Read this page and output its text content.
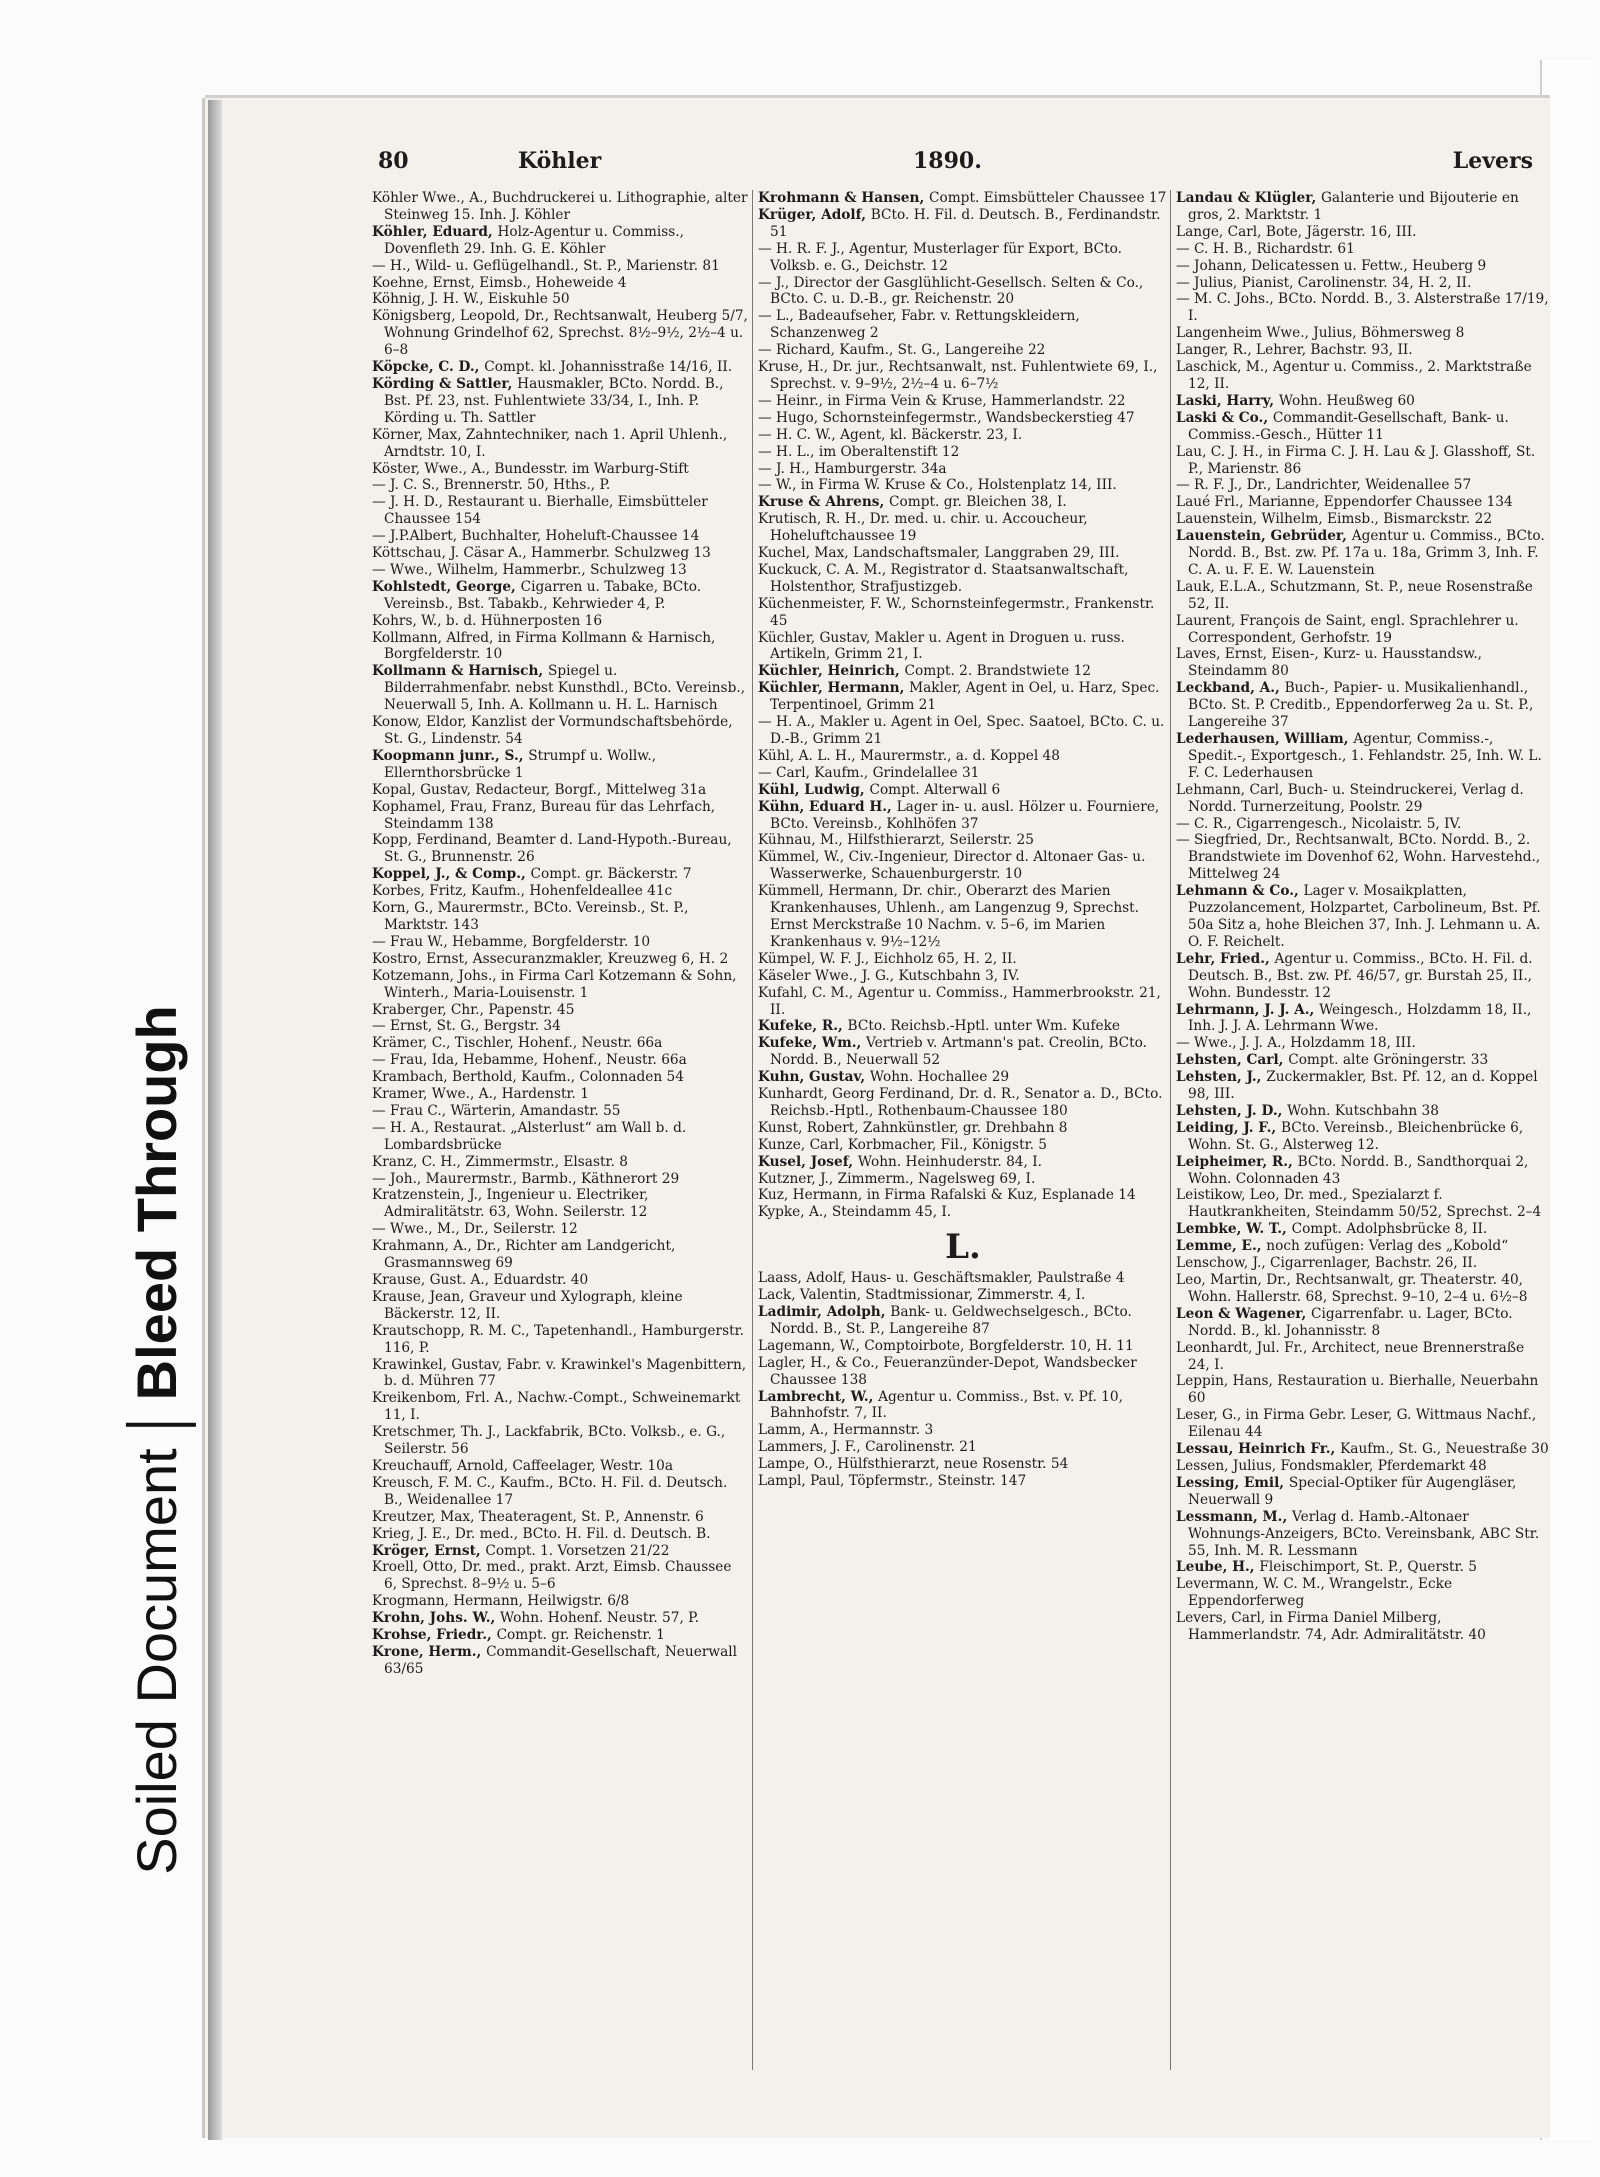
Soiled DocumentBleed Through
80	Köhler	1890.	Levers

Köhler Wwe., A., Buchdruckerei u. Lithographie, alter Steinweg 15. Inh. J. Köhler

Köhler, Eduard, Holz-Agentur u. Commiss., Dovenfleth 29. Inh. G. E. Köhler

— H., Wild- u. Geflügelhandl., St. P., Marienstr. 81

Koehne, Ernst, Eimsb., Hoheweide 4

Köhnig, J. H. W., Eiskuhle 50

Königsberg, Leopold, Dr., Rechtsanwalt, Heuberg 5/7, Wohnung Grindelhof 62, Sprechst. 8½–9½, 2½–4 u. 6–8

Köpcke, C. D., Compt. kl. Johannisstraße 14/16, II.

Körding & Sattler, Hausmakler, BCto. Nordd. B., Bst. Pf. 23, nst. Fuhlentwiete 33/34, I., Inh. P. Körding u. Th. Sattler

Körner, Max, Zahntechniker, nach 1. April Uhlenh., Arndtstr. 10, I.

Köster, Wwe., A., Bundesstr. im Warburg-Stift

— J. C. S., Brennerstr. 50, Hths., P.

— J. H. D., Restaurant u. Bierhalle, Eimsbütteler Chaussee 154

— J.P.Albert, Buchhalter, Hoheluft-Chaussee 14

Köttschau, J. Cäsar A., Hammerbr. Schulzweg 13

— Wwe., Wilhelm, Hammerbr., Schulzweg 13

Kohlstedt, George, Cigarren u. Tabake, BCto. Vereinsb., Bst. Tabakb., Kehrwieder 4, P.

Kohrs, W., b. d. Hühnerposten 16

Kollmann, Alfred, in Firma Kollmann & Harnisch, Borgfelderstr. 10

Kollmann & Harnisch, Spiegel u. Bilderrahmenfabr. nebst Kunsthdl., BCto. Vereinsb., Neuerwall 5, Inh. A. Kollmann u. H. L. Harnisch

Konow, Eldor, Kanzlist der Vormundschaftsbehörde, St. G., Lindenstr. 54

Koopmann junr., S., Strumpf u. Wollw., Ellernthorsbrücke 1

Kopal, Gustav, Redacteur, Borgf., Mittelweg 31a

Kophamel, Frau, Franz, Bureau für das Lehrfach, Steindamm 138

Kopp, Ferdinand, Beamter d. Land-Hypoth.-Bureau, St. G., Brunnenstr. 26

Koppel, J., & Comp., Compt. gr. Bäckerstr. 7

Korbes, Fritz, Kaufm., Hohenfeldeallee 41c

Korn, G., Maurermstr., BCto. Vereinsb., St. P., Marktstr. 143

— Frau W., Hebamme, Borgfelderstr. 10

Kostro, Ernst, Assecuranzmakler, Kreuzweg 6, H. 2

Kotzemann, Johs., in Firma Carl Kotzemann & Sohn, Winterh., Maria-Louisenstr. 1

Kraberger, Chr., Papenstr. 45

— Ernst, St. G., Bergstr. 34

Krämer, C., Tischler, Hohenf., Neustr. 66a

— Frau, Ida, Hebamme, Hohenf., Neustr. 66a

Krambach, Berthold, Kaufm., Colonnaden 54

Kramer, Wwe., A., Hardenstr. 1

— Frau C., Wärterin, Amandastr. 55

— H. A., Restaurat. „Alsterlust“ am Wall b. d. Lombardsbrücke

Kranz, C. H., Zimmermstr., Elsastr. 8

— Joh., Maurermstr., Barmb., Käthnerort 29

Kratzenstein, J., Ingenieur u. Electriker, Admiralitätstr. 63, Wohn. Seilerstr. 12

— Wwe., M., Dr., Seilerstr. 12

Krahmann, A., Dr., Richter am Landgericht, Grasmannsweg 69

Krause, Gust. A., Eduardstr. 40

Krause, Jean, Graveur und Xylograph, kleine Bäckerstr. 12, II.

Krautschopp, R. M. C., Tapetenhandl., Hamburgerstr. 116, P.

Krawinkel, Gustav, Fabr. v. Krawinkel's Magenbittern, b. d. Mühren 77

Kreikenbom, Frl. A., Nachw.-Compt., Schweinemarkt 11, I.

Kretschmer, Th. J., Lackfabrik, BCto. Volksb., e. G., Seilerstr. 56

Kreuchauff, Arnold, Caffeelager, Westr. 10a

Kreusch, F. M. C., Kaufm., BCto. H. Fil. d. Deutsch. B., Weidenallee 17

Kreutzer, Max, Theateragent, St. P., Annenstr. 6

Krieg, J. E., Dr. med., BCto. H. Fil. d. Deutsch. B.

Kröger, Ernst, Compt. 1. Vorsetzen 21/22

Kroell, Otto, Dr. med., prakt. Arzt, Eimsb. Chaussee 6, Sprechst. 8–9½ u. 5–6

Krogmann, Hermann, Heilwigstr. 6/8

Krohn, Johs. W., Wohn. Hohenf. Neustr. 57, P.

Krohse, Friedr., Compt. gr. Reichenstr. 1

Krone, Herm., Commandit-Gesellschaft, Neuerwall 63/65

Krohmann & Hansen, Compt. Eimsbütteler Chaussee 17

Krüger, Adolf, BCto. H. Fil. d. Deutsch. B., Ferdinandstr. 51

— H. R. F. J., Agentur, Musterlager für Export, BCto. Volksb. e. G., Deichstr. 12

— J., Director der Gasglühlicht-Gesellsch. Selten & Co., BCto. C. u. D.-B., gr. Reichenstr. 20

— L., Badeaufseher, Fabr. v. Rettungskleidern, Schanzenweg 2

— Richard, Kaufm., St. G., Langereihe 22

Kruse, H., Dr. jur., Rechtsanwalt, nst. Fuhlentwiete 69, I., Sprechst. v. 9–9½, 2½–4 u. 6–7½

— Heinr., in Firma Vein & Kruse, Hammerlandstr. 22

— Hugo, Schornsteinfegermstr., Wandsbeckerstieg 47

— H. C. W., Agent, kl. Bäckerstr. 23, I.

— H. L., im Oberaltenstift 12

— J. H., Hamburgerstr. 34a

— W., in Firma W. Kruse & Co., Holstenplatz 14, III.

Kruse & Ahrens, Compt. gr. Bleichen 38, I.

Krutisch, R. H., Dr. med. u. chir. u. Accoucheur, Hoheluftchaussee 19

Kuchel, Max, Landschaftsmaler, Langgraben 29, III.

Kuckuck, C. A. M., Registrator d. Staatsanwaltschaft, Holstenthor, Strafjustizgeb.

Küchenmeister, F. W., Schornsteinfegermstr., Frankenstr. 45

Küchler, Gustav, Makler u. Agent in Droguen u. russ. Artikeln, Grimm 21, I.

Küchler, Heinrich, Compt. 2. Brandstwiete 12

Küchler, Hermann, Makler, Agent in Oel, u. Harz, Spec. Terpentinoel, Grimm 21

— H. A., Makler u. Agent in Oel, Spec. Saatoel, BCto. C. u. D.-B., Grimm 21

Kühl, A. L. H., Maurermstr., a. d. Koppel 48

— Carl, Kaufm., Grindelallee 31

Kühl, Ludwig, Compt. Alterwall 6

Kühn, Eduard H., Lager in- u. ausl. Hölzer u. Fourniere, BCto. Vereinsb., Kohlhöfen 37

Kühnau, M., Hilfsthierarzt, Seilerstr. 25

Kümmel, W., Civ.-Ingenieur, Director d. Altonaer Gas- u. Wasserwerke, Schauenburgerstr. 10

Kümmell, Hermann, Dr. chir., Oberarzt des Marien Krankenhauses, Uhlenh., am Langenzug 9, Sprechst. Ernst Merckstraße 10 Nachm. v. 5–6, im Marien Krankenhaus v. 9½–12½

Kümpel, W. F. J., Eichholz 65, H. 2, II.

Käseler Wwe., J. G., Kutschbahn 3, IV.

Kufahl, C. M., Agentur u. Commiss., Hammerbrookstr. 21, II.

Kufeke, R., BCto. Reichsb.-Hptl. unter Wm. Kufeke

Kufeke, Wm., Vertrieb v. Artmann's pat. Creolin, BCto. Nordd. B., Neuerwall 52

Kuhn, Gustav, Wohn. Hochallee 29

Kunhardt, Georg Ferdinand, Dr. d. R., Senator a. D., BCto. Reichsb.-Hptl., Rothenbaum-Chaussee 180

Kunst, Robert, Zahnkünstler, gr. Drehbahn 8

Kunze, Carl, Korbmacher, Fil., Königstr. 5

Kusel, Josef, Wohn. Heinhuderstr. 84, I.

Kutzner, J., Zimmerm., Nagelsweg 69, I.

Kuz, Hermann, in Firma Rafalski & Kuz, Esplanade 14

Kypke, A., Steindamm 45, I.

L.

Laass, Adolf, Haus- u. Geschäftsmakler, Paulstraße 4

Lack, Valentin, Stadtmissionar, Zimmerstr. 4, I.

Ladimir, Adolph, Bank- u. Geldwechselgesch., BCto. Nordd. B., St. P., Langereihe 87

Lagemann, W., Comptoirbote, Borgfelderstr. 10, H. 11

Lagler, H., & Co., Feueranzünder-Depot, Wandsbecker Chaussee 138

Lambrecht, W., Agentur u. Commiss., Bst. v. Pf. 10, Bahnhofstr. 7, II.

Lamm, A., Hermannstr. 3

Lammers, J. F., Carolinenstr. 21

Lampe, O., Hülfsthierarzt, neue Rosenstr. 54

Lampl, Paul, Töpfermstr., Steinstr. 147

Landau & Klügler, Galanterie und Bijouterie en gros, 2. Marktstr. 1

Lange, Carl, Bote, Jägerstr. 16, III.

— C. H. B., Richardstr. 61

— Johann, Delicatessen u. Fettw., Heuberg 9

— Julius, Pianist, Carolinenstr. 34, H. 2, II.

— M. C. Johs., BCto. Nordd. B., 3. Alsterstraße 17/19, I.

Langenheim Wwe., Julius, Böhmersweg 8

Langer, R., Lehrer, Bachstr. 93, II.

Laschick, M., Agentur u. Commiss., 2. Marktstraße 12, II.

Laski, Harry, Wohn. Heußweg 60

Laski & Co., Commandit-Gesellschaft, Bank- u. Commiss.-Gesch., Hütter 11

Lau, C. J. H., in Firma C. J. H. Lau & J. Glasshoff, St. P., Marienstr. 86

— R. F. J., Dr., Landrichter, Weidenallee 57

Laué Frl., Marianne, Eppendorfer Chaussee 134

Lauenstein, Wilhelm, Eimsb., Bismarckstr. 22

Lauenstein, Gebrüder, Agentur u. Commiss., BCto. Nordd. B., Bst. zw. Pf. 17a u. 18a, Grimm 3, Inh. F. C. A. u. F. E. W. Lauenstein

Lauk, E.L.A., Schutzmann, St. P., neue Rosenstraße 52, II.

Laurent, François de Saint, engl. Sprachlehrer u. Correspondent, Gerhofstr. 19

Laves, Ernst, Eisen-, Kurz- u. Hausstandsw., Steindamm 80

Leckband, A., Buch-, Papier- u. Musikalienhandl., BCto. St. P. Creditb., Eppendorferweg 2a u. St. P., Langereihe 37

Lederhausen, William, Agentur, Commiss.-, Spedit.-, Exportgesch., 1. Fehlandstr. 25, Inh. W. L. F. C. Lederhausen

Lehmann, Carl, Buch- u. Steindruckerei, Verlag d. Nordd. Turnerzeitung, Poolstr. 29

— C. R., Cigarrengesch., Nicolaistr. 5, IV.

— Siegfried, Dr., Rechtsanwalt, BCto. Nordd. B., 2. Brandstwiete im Dovenhof 62, Wohn. Harvestehd., Mittelweg 24

Lehmann & Co., Lager v. Mosaikplatten, Puzzolancement, Holzpartet, Carbolineum, Bst. Pf. 50a Sitz a, hohe Bleichen 37, Inh. J. Lehmann u. A. O. F. Reichelt.

Lehr, Fried., Agentur u. Commiss., BCto. H. Fil. d. Deutsch. B., Bst. zw. Pf. 46/57, gr. Burstah 25, II., Wohn. Bundesstr. 12

Lehrmann, J. J. A., Weingesch., Holzdamm 18, II., Inh. J. J. A. Lehrmann Wwe.

— Wwe., J. J. A., Holzdamm 18, III.

Lehsten, Carl, Compt. alte Gröningerstr. 33

Lehsten, J., Zuckermakler, Bst. Pf. 12, an d. Koppel 98, III.

Lehsten, J. D., Wohn. Kutschbahn 38

Leiding, J. F., BCto. Vereinsb., Bleichenbrücke 6, Wohn. St. G., Alsterweg 12.

Leipheimer, R., BCto. Nordd. B., Sandthorquai 2, Wohn. Colonnaden 43

Leistikow, Leo, Dr. med., Spezialarzt f. Hautkrankheiten, Steindamm 50/52, Sprechst. 2–4

Lembke, W. T., Compt. Adolphsbrücke 8, II.

Lemme, E., noch zufügen: Verlag des „Kobold“

Lenschow, J., Cigarrenlager, Bachstr. 26, II.

Leo, Martin, Dr., Rechtsanwalt, gr. Theaterstr. 40, Wohn. Hallerstr. 68, Sprechst. 9–10, 2–4 u. 6½–8

Leon & Wagener, Cigarrenfabr. u. Lager, BCto. Nordd. B., kl. Johannisstr. 8

Leonhardt, Jul. Fr., Architect, neue Brennerstraße 24, I.

Leppin, Hans, Restauration u. Bierhalle, Neuerbahn 60

Leser, G., in Firma Gebr. Leser, G. Wittmaus Nachf., Eilenau 44

Lessau, Heinrich Fr., Kaufm., St. G., Neuestraße 30

Lessen, Julius, Fondsmakler, Pferdemarkt 48

Lessing, Emil, Special-Optiker für Augengläser, Neuerwall 9

Lessmann, M., Verlag d. Hamb.-Altonaer Wohnungs-Anzeigers, BCto. Vereinsbank, ABC Str. 55, Inh. M. R. Lessmann

Leube, H., Fleischimport, St. P., Querstr. 5

Levermann, W. C. M., Wrangelstr., Ecke Eppendorferweg

Levers, Carl, in Firma Daniel Milberg, Hammerlandstr. 74, Adr. Admiralitätstr. 40
